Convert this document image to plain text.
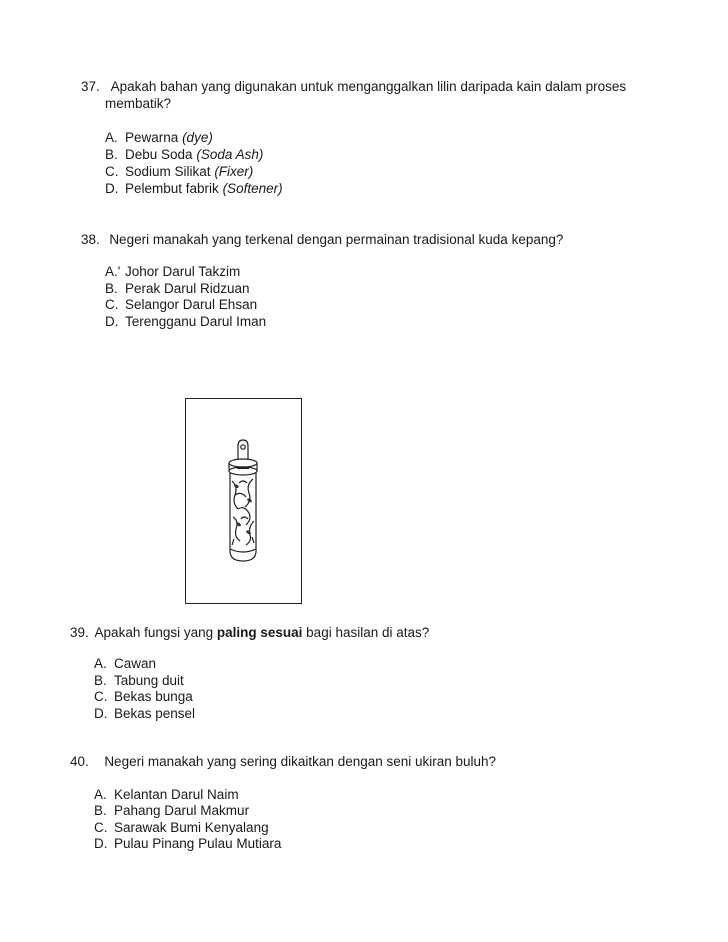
37. Apakah bahan yang digunakan untuk menganggalkan lilin daripada kain dalam proses
membatik?
A. Pewarna (dye)
B. Debu Soda (Soda Ash)
C. Sodium Silikat (Fixer)
D. Pelembut fabrik (Softener)
38. Negeri manakah yang terkenal dengan permainan tradisional kuda kepang?
A.' Johor Darul Takzim
B. Perak Darul Ridzuan
C. Selangor Darul Ehsan
D. Terengganu Darul Iman
39. Apakah fungsi yang paling sesuai bagi hasilan di atas?
A. Cawan
B. Tabung duit
C. Bekas bunga
D. Bekas pensel
40. Negeri manakah yang sering dikaitkan dengan seni ukiran buluh?
A. Kelantan Darul Naim
B. Pahang Darul Makmur
C. Sarawak Bumi Kenyalang
D. Pulau Pinang Pulau Mutiara
